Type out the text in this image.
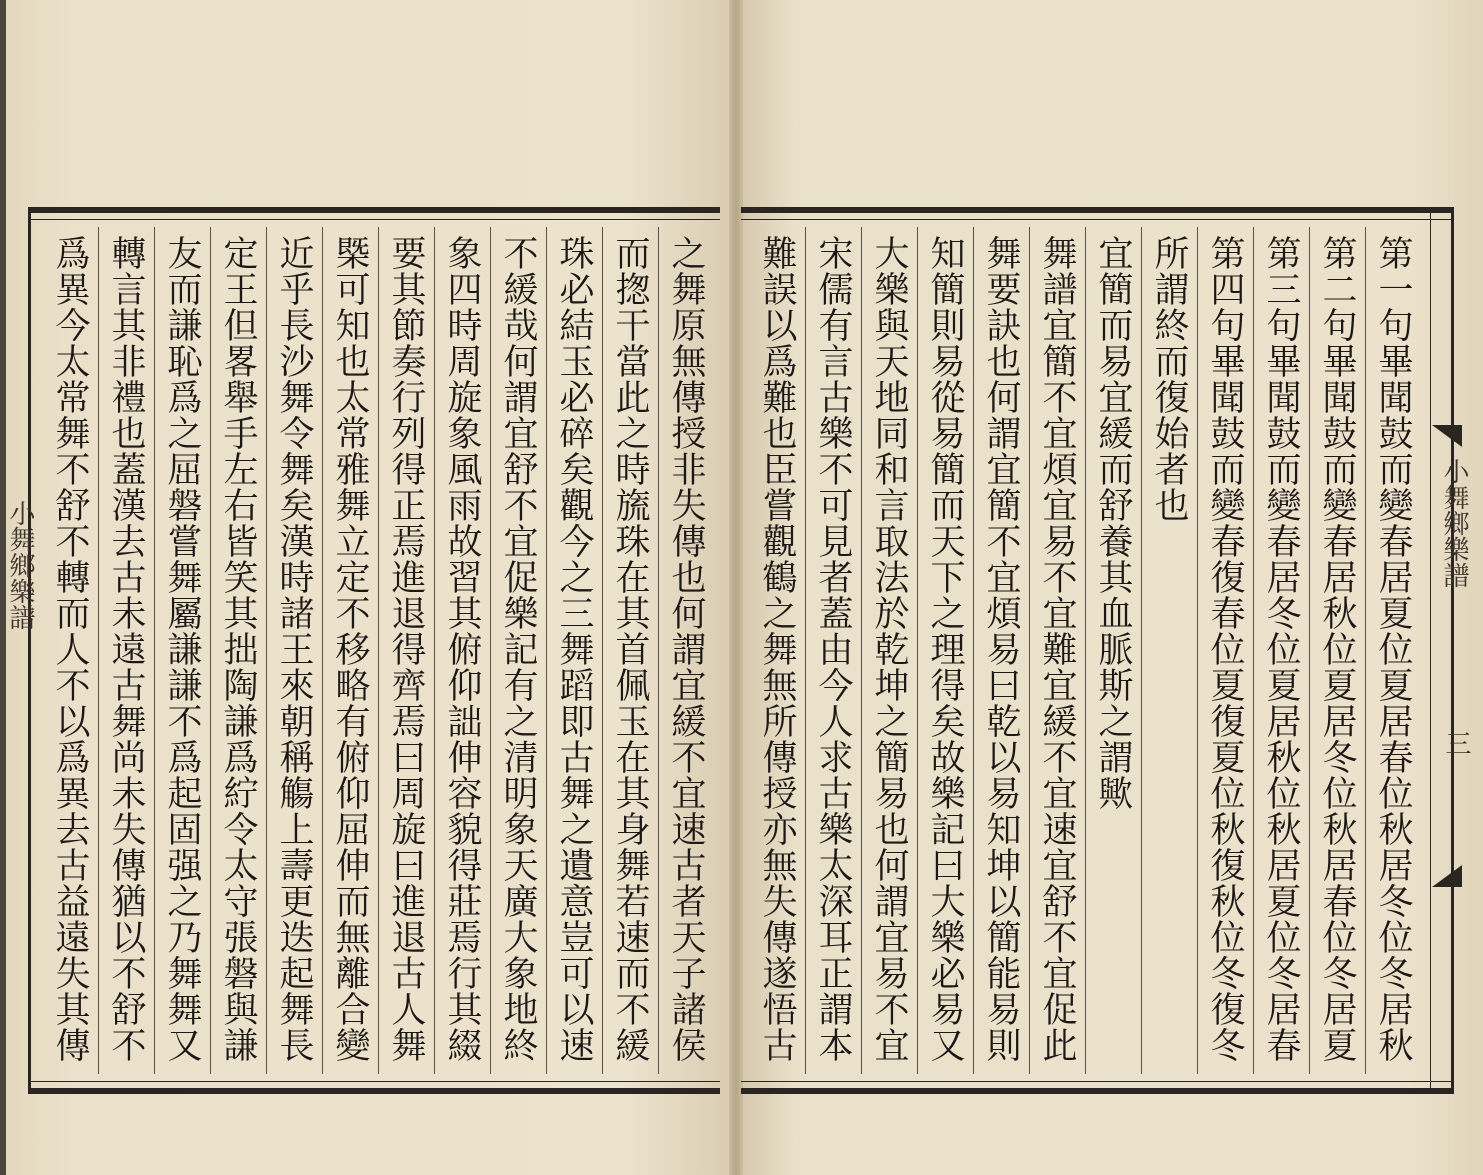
之舞原無傳授非失傳也何謂宜緩不宜速古者天子諸侯
而揔干當此之時旒珠在其首佩玉在其身舞若速而不緩
珠必結玉必碎矣觀今之三舞蹈即古舞之遺意豈可以速
不緩哉何謂宜舒不宜促樂記有之清明象天廣大象地終
象四時周旋象風雨故習其俯仰詘伸容貌得莊焉行其綴
要其節奏行列得正焉進退得齊焉曰周旋曰進退古人舞
槩可知也太常雅舞立定不移略有俯仰屈伸而無離合變
近乎長沙舞令舞矣漢時諸王來朝稱觴上壽更迭起舞長
定王但畧舉手左右皆笑其拙陶謙爲紵令太守張磐與謙
友而謙恥爲之屈磐嘗舞屬謙謙不爲起固强之乃舞舞又
轉言其非禮也蓋漢去古未遠古舞尚未失傳猶以不舒不
爲異今太常舞不舒不轉而人不以爲異去古益遠失其傳
第一句畢聞鼓而變春居夏位夏居春位秋居冬位冬居秋
第二句畢聞鼓而變春居秋位夏居冬位秋居春位冬居夏
第三句畢聞鼓而變春居冬位夏居秋位秋居夏位冬居春
第四句畢聞鼓而變春復春位夏復夏位秋復秋位冬復冬
所謂終而復始者也
宜簡而易宜緩而舒養其血脈斯之謂歟
舞譜宜簡不宜煩宜易不宜難宜緩不宜速宜舒不宜促此
舞要訣也何謂宜簡不宜煩易曰乾以易知坤以簡能易則
知簡則易從易簡而天下之理得矣故樂記曰大樂必易又
大樂與天地同和言取法於乾坤之簡易也何謂宜易不宜
宋儒有言古樂不可見者蓋由今人求古樂太深耳正謂本
難誤以爲難也臣嘗觀鶴之舞無所傳授亦無失傳遂悟古
小舞鄉樂譜	小舞鄉樂譜
三
